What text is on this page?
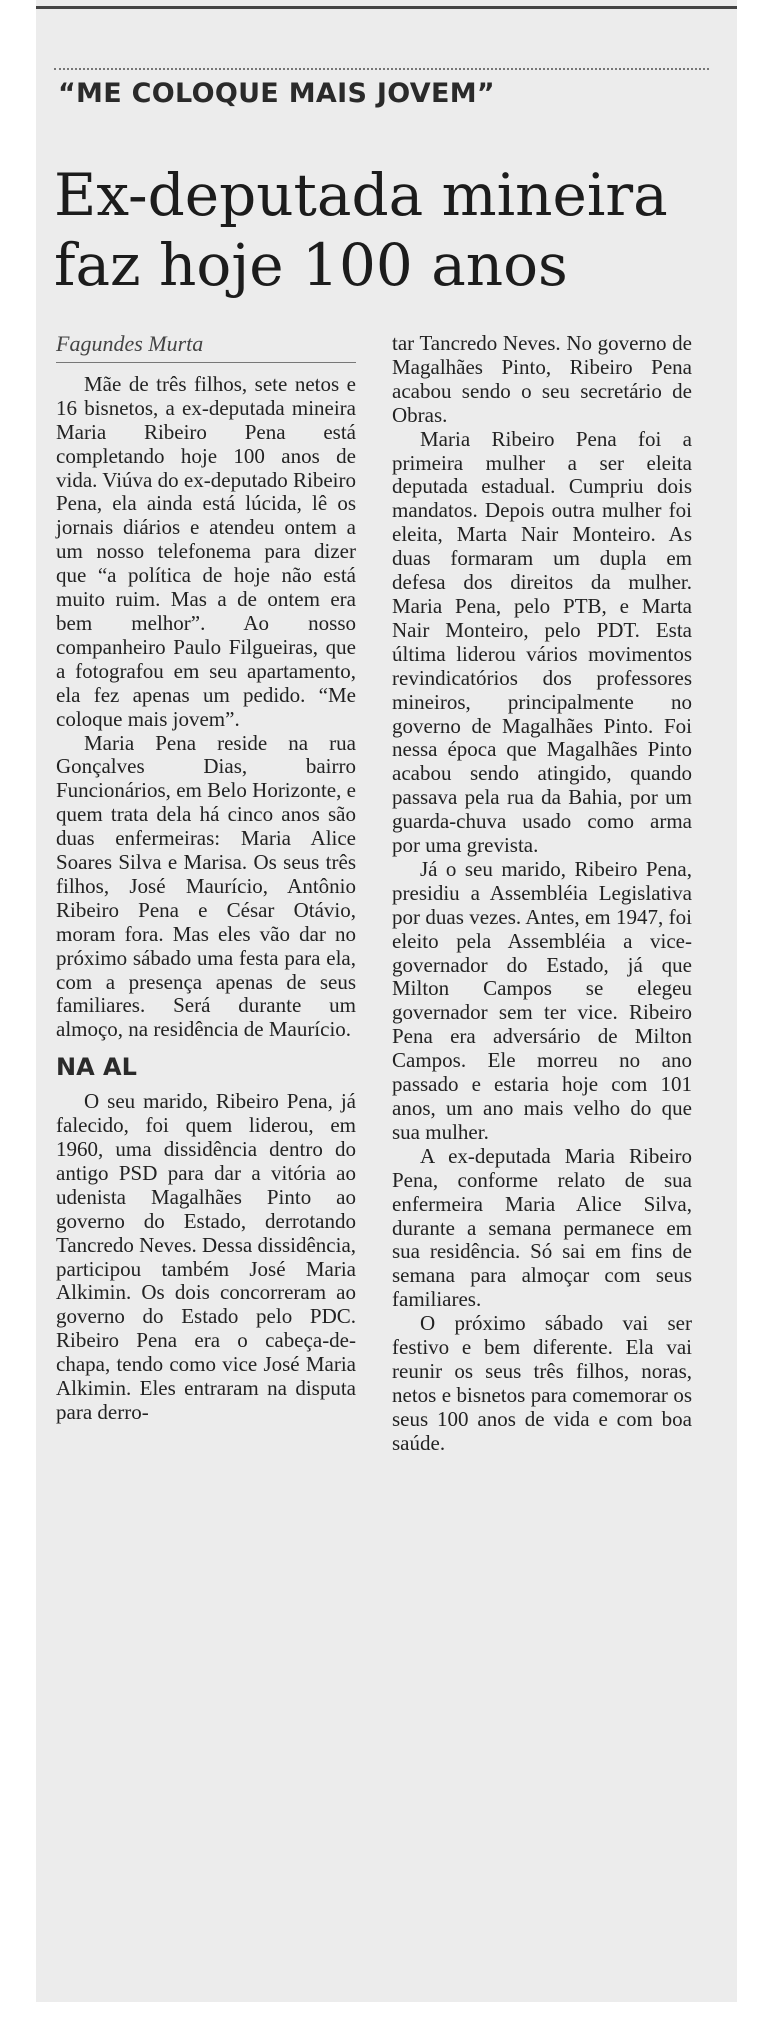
“ME COLOQUE MAIS JOVEM”
Ex-deputada mineira faz hoje 100 anos
Fagundes Murta

Mãe de três filhos, sete netos e 16 bisnetos, a ex-deputada mineira Maria Ribeiro Pena está completando hoje 100 anos de vida. Viúva do ex-deputado Ribeiro Pena, ela ainda está lúcida, lê os jornais diários e atendeu ontem a um nosso telefonema para dizer que “a política de hoje não está muito ruim. Mas a de ontem era bem melhor”. Ao nosso companheiro Paulo Filgueiras, que a fotografou em seu apartamento, ela fez apenas um pedido. “Me coloque mais jovem”.

Maria Pena reside na rua Gonçalves Dias, bairro Funcionários, em Belo Horizonte, e quem trata dela há cinco anos são duas enfermeiras: Maria Alice Soares Silva e Marisa. Os seus três filhos, José Maurício, Antônio Ribeiro Pena e César Otávio, moram fora. Mas eles vão dar no próximo sábado uma festa para ela, com a presença apenas de seus familiares. Será durante um almoço, na residência de Maurício.

NA AL

O seu marido, Ribeiro Pena, já falecido, foi quem liderou, em 1960, uma dissidência dentro do antigo PSD para dar a vitória ao udenista Magalhães Pinto ao governo do Estado, derrotando Tancredo Neves. Dessa dissidência, participou também José Maria Alkimin. Os dois concorreram ao governo do Estado pelo PDC. Ribeiro Pena era o cabeça-de-chapa, tendo como vice José Maria Alkimin. Eles entraram na disputa para derro-

tar Tancredo Neves. No governo de Magalhães Pinto, Ribeiro Pena acabou sendo o seu secretário de Obras.

Maria Ribeiro Pena foi a primeira mulher a ser eleita deputada estadual. Cumpriu dois mandatos. Depois outra mulher foi eleita, Marta Nair Monteiro. As duas formaram um dupla em defesa dos direitos da mulher. Maria Pena, pelo PTB, e Marta Nair Monteiro, pelo PDT. Esta última liderou vários movimentos revindicatórios dos professores mineiros, principalmente no governo de Magalhães Pinto. Foi nessa época que Magalhães Pinto acabou sendo atingido, quando passava pela rua da Bahia, por um guarda-chuva usado como arma por uma grevista.

Já o seu marido, Ribeiro Pena, presidiu a Assembléia Legislativa por duas vezes. Antes, em 1947, foi eleito pela Assembléia a vice-governador do Estado, já que Milton Campos se elegeu governador sem ter vice. Ribeiro Pena era adversário de Milton Campos. Ele morreu no ano passado e estaria hoje com 101 anos, um ano mais velho do que sua mulher.

A ex-deputada Maria Ribeiro Pena, conforme relato de sua enfermeira Maria Alice Silva, durante a semana permanece em sua residência. Só sai em fins de semana para almoçar com seus familiares.

O próximo sábado vai ser festivo e bem diferente. Ela vai reunir os seus três filhos, noras, netos e bisnetos para comemorar os seus 100 anos de vida e com boa saúde.
